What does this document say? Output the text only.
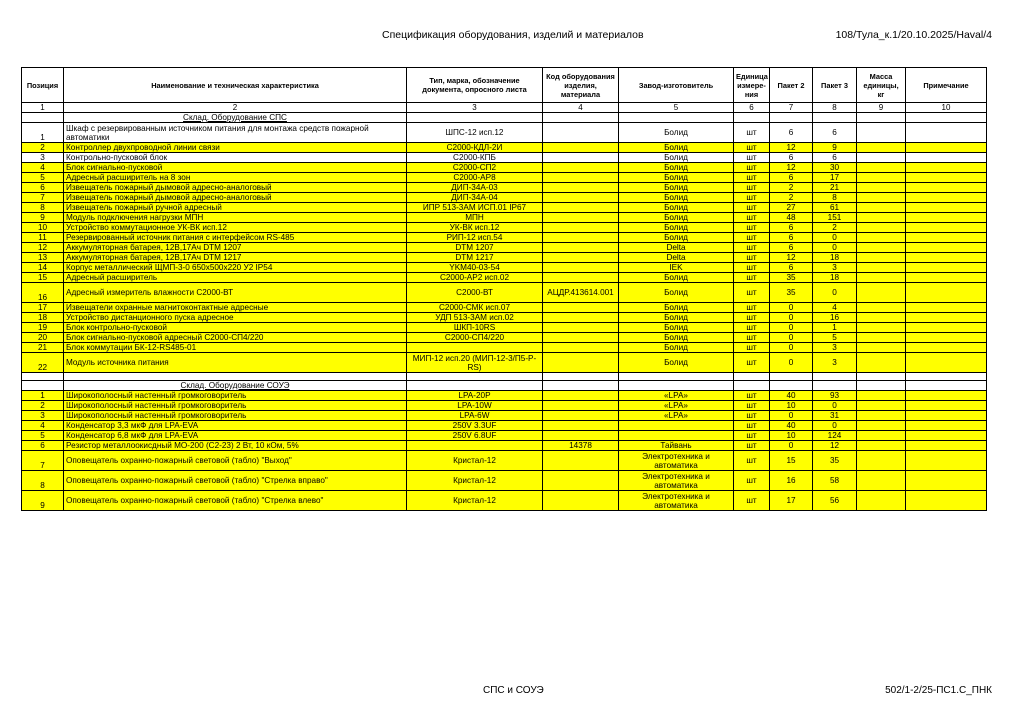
Спецификация оборудования, изделий и материалов	108/Тула_к.1/20.10.2025/Haval/4
Позиция	Наименование и техническая характеристика	Тип, марка, обозначение документа, опросного листа	Код оборудования изделия, материала	Завод-изготовитель	Единица измере-ния	Пакет 2	Пакет 3	Масса единицы, кг	Примечание
1	2	3	4	5	6	7	8	9	10
	Склад. Оборудование СПС								
1	Шкаф с резервированным источником питания для монтажа средств пожарной автоматики	ШПС-12 исп.12		Болид	шт	6	6		
2	Контроллер двухпроводной линии связи	С2000-КДЛ-2И		Болид	шт	12	9		
3	Контрольно-пусковой блок	С2000-КПБ		Болид	шт	6	6		
4	Блок сигнально-пусковой	С2000-СП2		Болид	шт	12	30		
5	Адресный расширитель на 8 зон	С2000-АР8		Болид	шт	6	17		
6	Извещатель пожарный дымовой адресно-аналоговый	ДИП-34А-03		Болид	шт	2	21		
7	Извещатель пожарный дымовой адресно-аналоговый	ДИП-34А-04		Болид	шт	2	8		
8	Извещатель пожарный ручной адресный	ИПР 513-3АМ ИСП.01 IP67		Болид	шт	27	61		
9	Модуль подключения нагрузки МПН	МПН		Болид	шт	48	151		
10	Устройство коммутационное УК-ВК исп.12	УК-ВК исп.12		Болид	шт	6	2		
11	Резервированный источник питания с интерфейсом RS-485	РИП-12 исп.54		Болид	шт	6	0		
12	Аккумуляторная батарея, 12В,17Ач DTM 1207	DTM 1207		Delta	шт	6	0		
13	Аккумуляторная батарея, 12В,17Ач DTM 1217	DTM 1217		Delta	шт	12	18		
14	Корпус металлический ЩМП-3-0 650х500х220 У2 IP54	YKM40-03-54		IEK	шт	6	3		
15	Адресный расширитель	С2000-АР2 исп.02		Болид	шт	35	18		
16	Адресный измеритель влажности С2000-ВТ	С2000-ВТ	АЦДР.413614.001	Болид	шт	35	0		
17	Извещатели охранные магнитоконтактные адресные	С2000-СМК исп.07		Болид	шт	0	4		
18	Устройство дистанционного пуска адресное	УДП 513-3АМ исп.02		Болид	шт	0	16		
19	Блок контрольно-пусковой	ШКП-10RS		Болид	шт	0	1		
20	Блок сигнально-пусковой адресный С2000-СП4/220	С2000-СП4/220		Болид	шт	0	5		
21	Блок коммутации БК-12-RS485-01			Болид	шт	0	3		
22	Модуль источника питания	МИП-12 исп.20 (МИП-12-3/П5-Р-RS)		Болид	шт	0	3		

	Склад. Оборудование СОУЭ								
1	Широкополосный настенный громкоговоритель	LPA-20P		«LPA»	шт	40	93		
2	Широкополосный настенный громкоговоритель	LPA-10W		«LPA»	шт	10	0		
3	Широкополосный настенный громкоговоритель	LPA-6W		«LPA»	шт	0	31		
4	Конденсатор 3,3 мкФ для LPA-EVA	250V 3.3UF			шт	40	0		
5	Конденсатор 6,8 мкФ для LPA-EVA	250V 6.8UF			шт	10	124		
6	Резистор металлоокисдный МО-200 (С2-23) 2 Вт, 10 кОм, 5%		14378	Тайвань	шт	0	12		
7	Оповещатель охранно-пожарный световой (табло) "Выход"	Кристал-12		Электротехника и автоматика	шт	15	35		
8	Оповещатель охранно-пожарный световой (табло) "Стрелка вправо"	Кристал-12		Электротехника и автоматика	шт	16	58		
9	Оповещатель охранно-пожарный световой (табло) "Стрелка влево"	Кристал-12		Электротехника и автоматика	шт	17	56		
СПС и СОУЭ	502/1-2/25-ПС1.С_ПНК
